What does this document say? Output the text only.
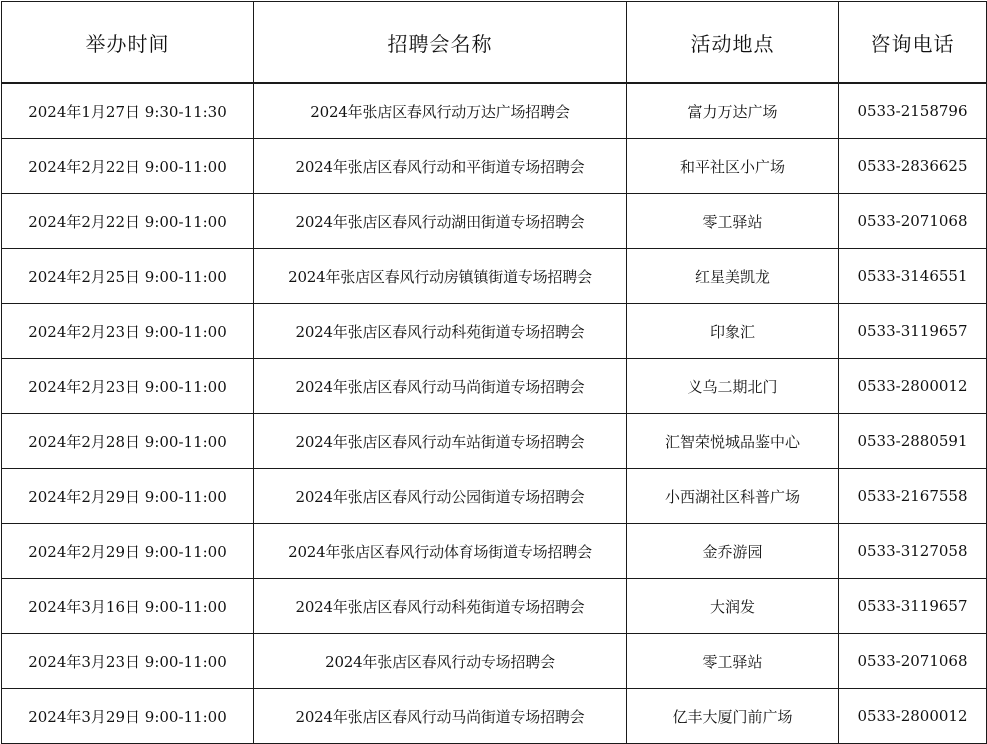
举办时间	招聘会名称	活动地点	咨询电话
2024年1月27日 9:30-11:30	2024年张店区春风行动万达广场招聘会	富力万达广场	0533-2158796
2024年2月22日 9:00-11:00	2024年张店区春风行动和平街道专场招聘会	和平社区小广场	0533-2836625
2024年2月22日 9:00-11:00	2024年张店区春风行动湖田街道专场招聘会	零工驿站	0533-2071068
2024年2月25日 9:00-11:00	2024年张店区春风行动房镇镇街道专场招聘会	红星美凯龙	0533-3146551
2024年2月23日 9:00-11:00	2024年张店区春风行动科苑街道专场招聘会	印象汇	0533-3119657
2024年2月23日 9:00-11:00	2024年张店区春风行动马尚街道专场招聘会	义乌二期北门	0533-2800012
2024年2月28日 9:00-11:00	2024年张店区春风行动车站街道专场招聘会	汇智荣悦城品鉴中心	0533-2880591
2024年2月29日 9:00-11:00	2024年张店区春风行动公园街道专场招聘会	小西湖社区科普广场	0533-2167558
2024年2月29日 9:00-11:00	2024年张店区春风行动体育场街道专场招聘会	金乔游园	0533-3127058
2024年3月16日 9:00-11:00	2024年张店区春风行动科苑街道专场招聘会	大润发	0533-3119657
2024年3月23日 9:00-11:00	2024年张店区春风行动专场招聘会	零工驿站	0533-2071068
2024年3月29日 9:00-11:00	2024年张店区春风行动马尚街道专场招聘会	亿丰大厦门前广场	0533-2800012
